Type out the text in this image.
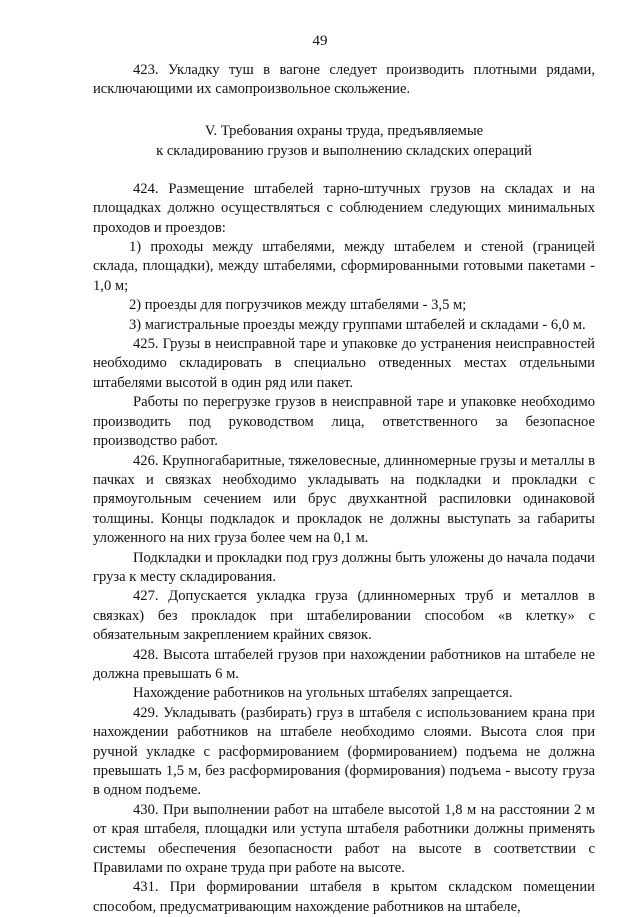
49

423. Укладку туш в вагоне следует производить плотными рядами, исключающими их самопроизвольное скольжение.

V. Требования охраны труда, предъявляемые
к складированию грузов и выполнению складских операций

424. Размещение штабелей тарно-штучных грузов на складах и на площадках должно осуществляться с соблюдением следующих минимальных проходов и проездов:

1) проходы между штабелями, между штабелем и стеной (границей склада, площадки), между штабелями, сформированными готовыми пакетами - 1,0 м;

2) проезды для погрузчиков между штабелями - 3,5 м;

3) магистральные проезды между группами штабелей и складами - 6,0 м.

425. Грузы в неисправной таре и упаковке до устранения неисправностей необходимо складировать в специально отведенных местах отдельными штабелями высотой в один ряд или пакет.

Работы по перегрузке грузов в неисправной таре и упаковке необходимо производить под руководством лица, ответственного за безопасное производство работ.

426. Крупногабаритные, тяжеловесные, длинномерные грузы и металлы в пачках и связках необходимо укладывать на подкладки и прокладки с прямоугольным сечением или брус двухкантной распиловки одинаковой толщины. Концы подкладок и прокладок не должны выступать за габариты уложенного на них груза более чем на 0,1 м.

Подкладки и прокладки под груз должны быть уложены до начала подачи груза к месту складирования.

427. Допускается укладка груза (длинномерных труб и металлов в связках) без прокладок при штабелировании способом «в клетку» с обязательным закреплением крайних связок.

428. Высота штабелей грузов при нахождении работников на штабеле не должна превышать 6 м.

Нахождение работников на угольных штабелях запрещается.

429. Укладывать (разбирать) груз в штабеля с использованием крана при нахождении работников на штабеле необходимо слоями. Высота слоя при ручной укладке с расформированием (формированием) подъема не должна превышать 1,5 м, без расформирования (формирования) подъема - высоту груза в одном подъеме.

430. При выполнении работ на штабеле высотой 1,8 м на расстоянии 2 м от края штабеля, площадки или уступа штабеля работники должны применять системы обеспечения безопасности работ на высоте в соответствии с Правилами по охране труда при работе на высоте.

431. При формировании штабеля в крытом складском помещении способом, предусматривающим нахождение работников на штабеле,
